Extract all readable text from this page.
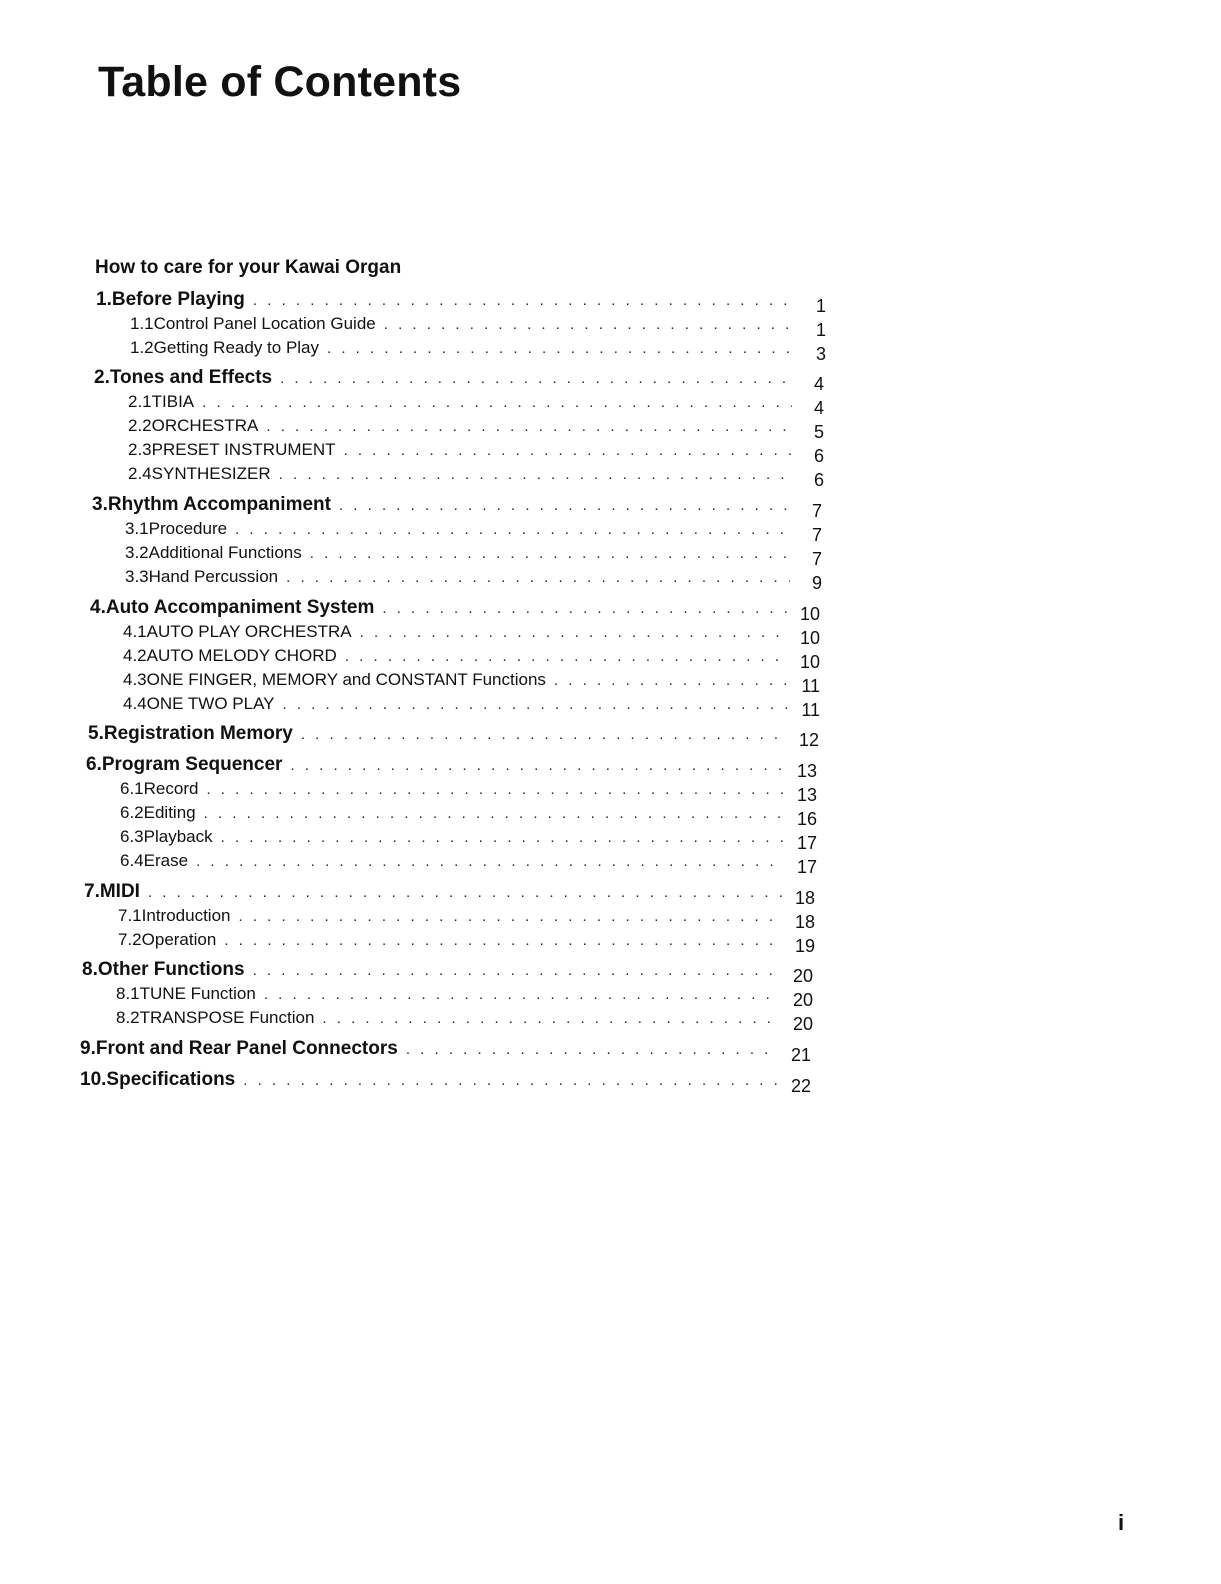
Table of Contents
How to care for your Kawai Organ
1. Before Playing . . .	1
1.1 Control Panel Location Guide . . .	1
1.2 Getting Ready to Play . . .	3
2. Tones and Effects . . .	4
2.1 TIBIA . . .	4
2.2 ORCHESTRA . . .	5
2.3 PRESET INSTRUMENT . . .	6
2.4 SYNTHESIZER . . .	6
3. Rhythm Accompaniment . . .	7
3.1 Procedure . . .	7
3.2 Additional Functions . . .	7
3.3 Hand Percussion . . .	9
4. Auto Accompaniment System . . .	10
4.1 AUTO PLAY ORCHESTRA . . .	10
4.2 AUTO MELODY CHORD . . .	10
4.3 ONE FINGER, MEMORY and CONSTANT Functions . . .	11
4.4 ONE TWO PLAY . . .	11
5. Registration Memory . . .	12
6. Program Sequencer . . .	13
6.1 Record . . .	13
6.2 Editing . . .	16
6.3 Playback . . .	17
6.4 Erase . . .	17
7. MIDI . . .	18
7.1 Introduction . . .	18
7.2 Operation . . .	19
8. Other Functions . . .	20
8.1 TUNE Function . . .	20
8.2 TRANSPOSE Function . . .	20
9. Front and Rear Panel Connectors . . .	21
10. Specifications . . .	22
i
